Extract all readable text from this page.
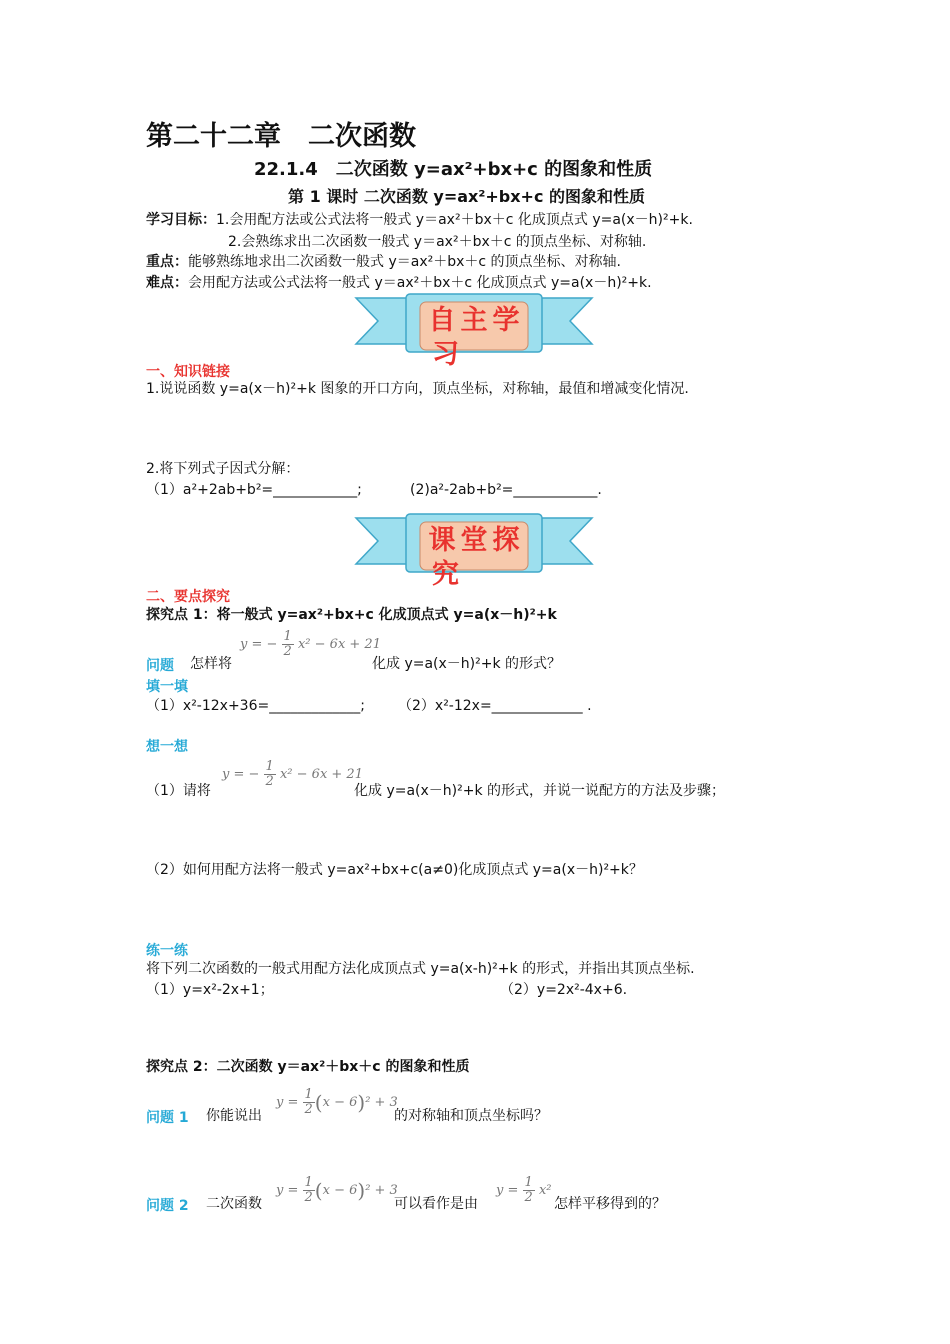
第二十二章　二次函数
22.1.4　二次函数 y=ax²+bx+c 的图象和性质
第 1 课时 二次函数 y=ax²+bx+c 的图象和性质
学习目标：1.会用配方法或公式法将一般式 y＝ax²＋bx＋c 化成顶点式 y=a(x－h)²+k.
2.会熟练求出二次函数一般式 y＝ax²＋bx＋c 的顶点坐标、对称轴.
重点：能够熟练地求出二次函数一般式 y＝ax²＋bx＋c 的顶点坐标、对称轴.
难点：会用配方法或公式法将一般式 y＝ax²＋bx＋c 化成顶点式 y=a(x－h)²+k.
自 主 学
习
一、知识链接
1.说说函数 y=a(x－h)²+k 图象的开口方向，顶点坐标，对称轴，最值和增减变化情况.
2.将下列式子因式分解：
（1）a²+2ab+b²=____________;	(2)a²-2ab+b²=____________.
课 堂 探
究
二、要点探究
探究点 1：将一般式 y=ax²+bx+c 化成顶点式 y=a(x－h)²+k
问题 怎样将
y = − $\frac{1}{2} x^2 - 6x + 21$
化成 y=a(x－h)²+k 的形式？
填一填
（1）x²-12x+36=_____________; （2）x²-12x=_____________ .
想一想
（1）请将
y = − $\frac{1}{2} x^2 - 6x + 21$
化成 y=a(x－h)²+k 的形式，并说一说配方的方法及步骤；
（2）如何用配方法将一般式 y=ax²+bx+c(a≠0)化成顶点式 y=a(x－h)²+k？
练一练
将下列二次函数的一般式用配方法化成顶点式 y=a(x-h)²+k 的形式，并指出其顶点坐标.
（1）y=x²-2x+1；	（2）y=2x²-4x+6.
探究点 2：二次函数 y＝ax²＋bx＋c 的图象和性质
问题 1 你能说出
$y = \frac{1}{2} (x - 6)^2 + 3$
的对称轴和顶点坐标吗？
问题 2 二次函数
$y = \frac{1}{2} (x - 6)^2 + 3$
可以看作是由
$y = \frac{1}{2} x^2$
怎样平移得到的？
